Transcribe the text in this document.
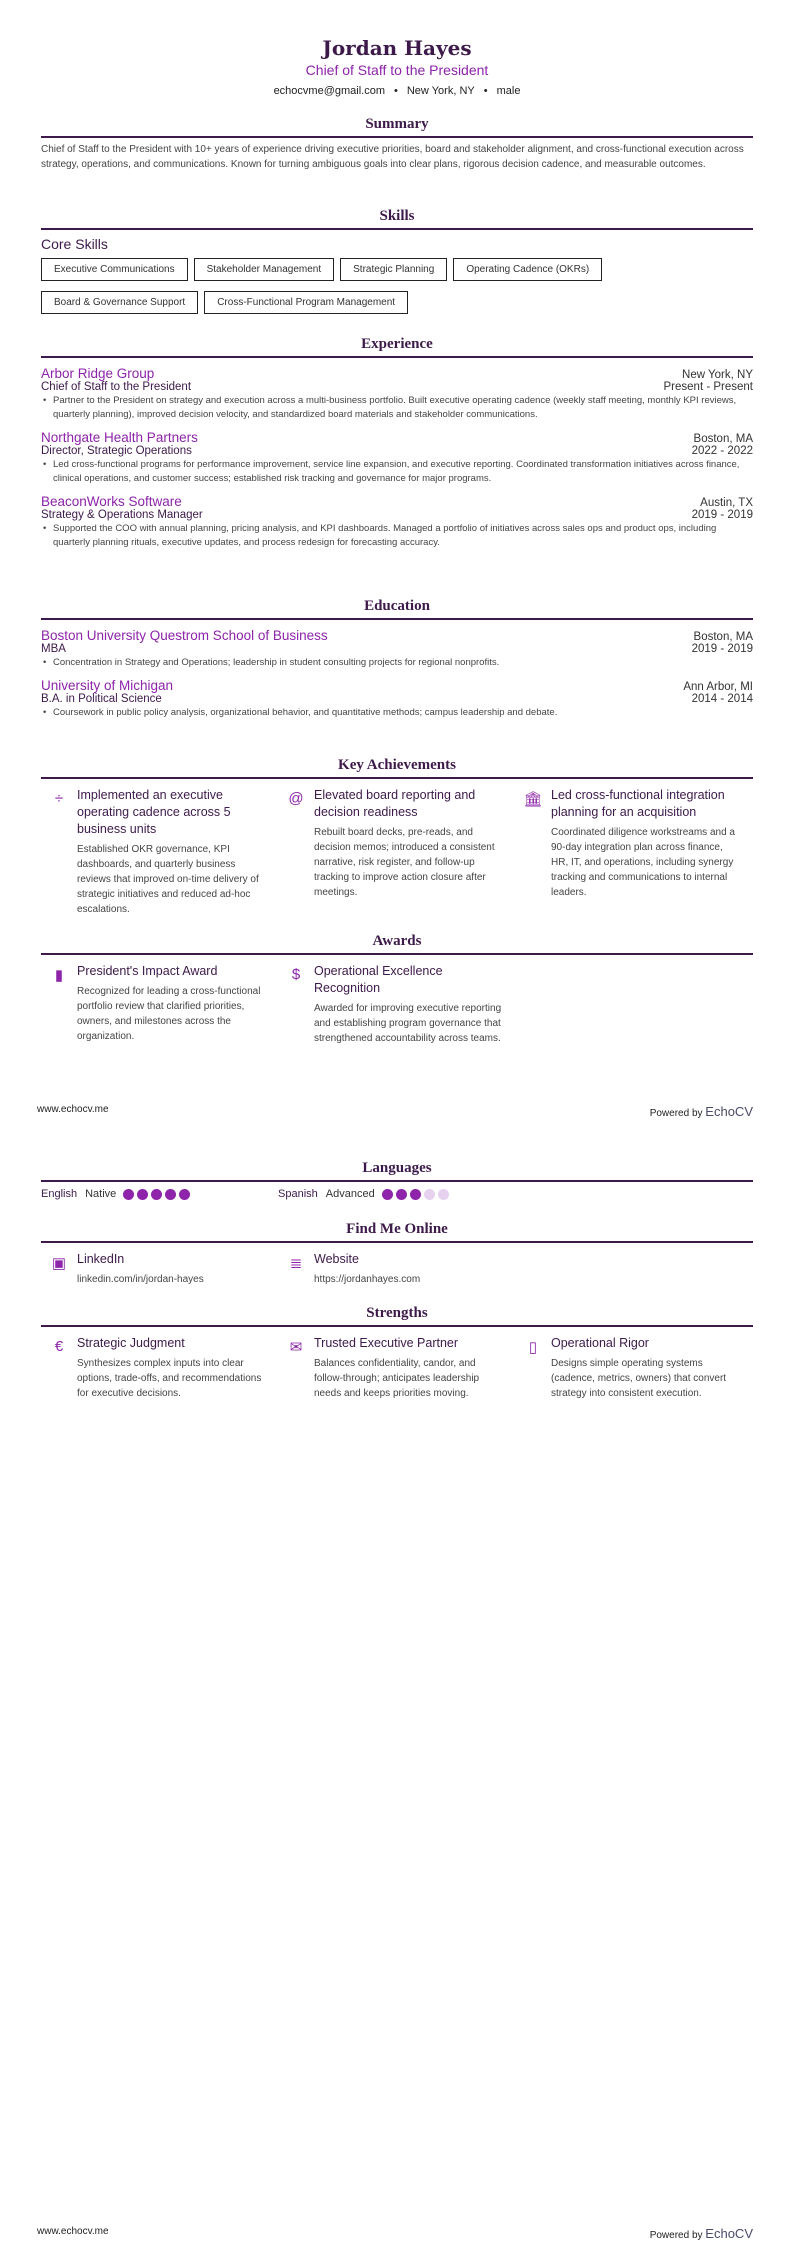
Jordan Hayes
Chief of Staff to the President
echocvme@gmail.com • New York, NY • male
Summary
Chief of Staff to the President with 10+ years of experience driving executive priorities, board and stakeholder alignment, and cross-functional execution across strategy, operations, and communications. Known for turning ambiguous goals into clear plans, rigorous decision cadence, and measurable outcomes.
Skills
Core Skills
Executive Communications	Stakeholder Management	Strategic Planning	Operating Cadence (OKRs)
Board & Governance Support	Cross-Functional Program Management
Experience
Arbor Ridge Group	New York, NY
Chief of Staff to the President	Present - Present
• Partner to the President on strategy and execution across a multi-business portfolio. Built executive operating cadence (weekly staff meeting, monthly KPI reviews, quarterly planning), improved decision velocity, and standardized board materials and stakeholder communications.
Northgate Health Partners	Boston, MA
Director, Strategic Operations	2022 - 2022
• Led cross-functional programs for performance improvement, service line expansion, and executive reporting. Coordinated transformation initiatives across finance, clinical operations, and customer success; established risk tracking and governance for major programs.
BeaconWorks Software	Austin, TX
Strategy & Operations Manager	2019 - 2019
• Supported the COO with annual planning, pricing analysis, and KPI dashboards. Managed a portfolio of initiatives across sales ops and product ops, including quarterly planning rituals, executive updates, and process redesign for forecasting accuracy.
Education
Boston University Questrom School of Business	Boston, MA
MBA	2019 - 2019
• Concentration in Strategy and Operations; leadership in student consulting projects for regional nonprofits.
University of Michigan	Ann Arbor, MI
B.A. in Political Science	2014 - 2014
• Coursework in public policy analysis, organizational behavior, and quantitative methods; campus leadership and debate.
Key Achievements
÷	Implemented an executive operating cadence across 5 business units

Established OKR governance, KPI dashboards, and quarterly business reviews that improved on-time delivery of strategic initiatives and reduced ad-hoc escalations.

@ Elevated board reporting and decision readiness

Rebuilt board decks, pre-reads, and decision memos; introduced a consistent narrative, risk register, and follow-up tracking to improve action closure after meetings.

🏛 Led cross-functional integration planning for an acquisition

Coordinated diligence workstreams and a 90-day integration plan across finance, HR, IT, and operations, including synergy tracking and communications to internal leaders.

Awards
▮	President's Impact Award

Recognized for leading a cross-functional portfolio review that clarified priorities, owners, and milestones across the organization.

$	Operational Excellence Recognition

Awarded for improving executive reporting and establishing program governance that strengthened accountability across teams.

www.echocv.me	Powered by EchoCV
Languages
English Native	Spanish Advanced
Find Me Online
▣ LinkedIn

linkedin.com/in/jordan-hayes

≣ Website

https://jordanhayes.com

Strengths
€	Strategic Judgment

Synthesizes complex inputs into clear options, trade-offs, and recommendations for executive decisions.

✉ Trusted Executive Partner

Balances confidentiality, candor, and follow-through; anticipates leadership needs and keeps priorities moving.

▯	Operational Rigor

Designs simple operating systems (cadence, metrics, owners) that convert strategy into consistent execution.

www.echocv.me	Powered by EchoCV
